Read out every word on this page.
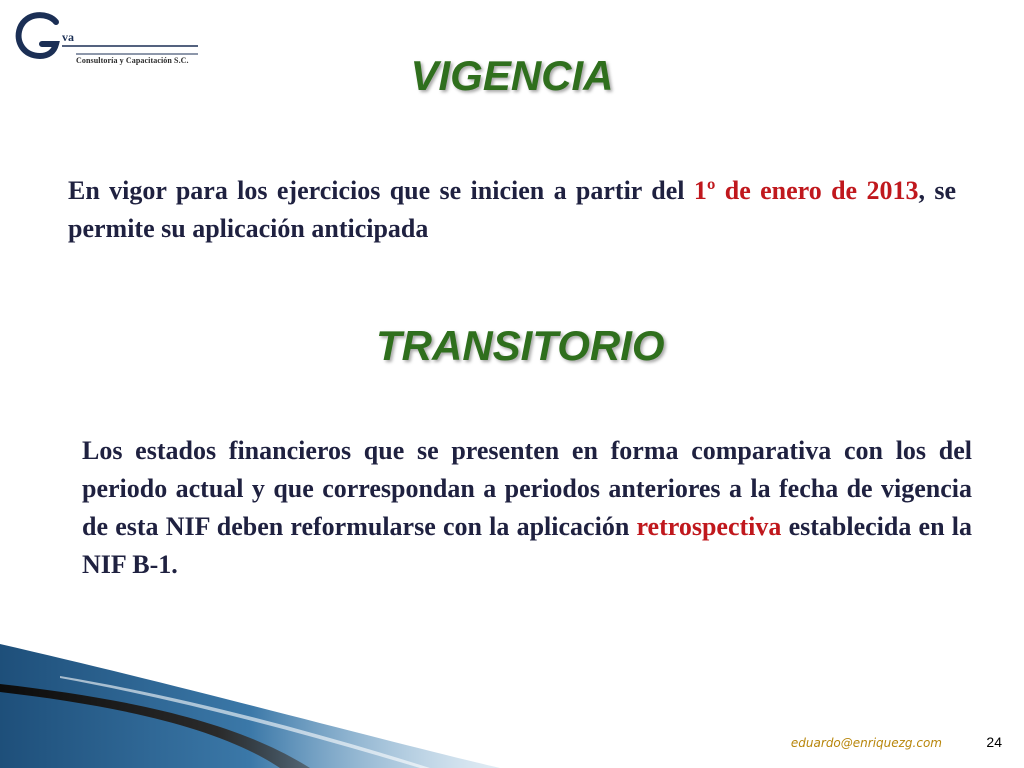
va
Consultoría y Capacitación S.C.	VIGENCIA

En vigor para los ejercicios que se inicien a partir del 1º de enero de 2013, se permite su aplicación anticipada

TRANSITORIO

Los estados financieros que se presenten en forma comparativa con los del periodo actual y que correspondan a periodos anteriores a la fecha de vigencia de esta NIF deben reformularse con la aplicación retrospectiva establecida en la NIF B-1.

eduardo@enriquezg.com	24
